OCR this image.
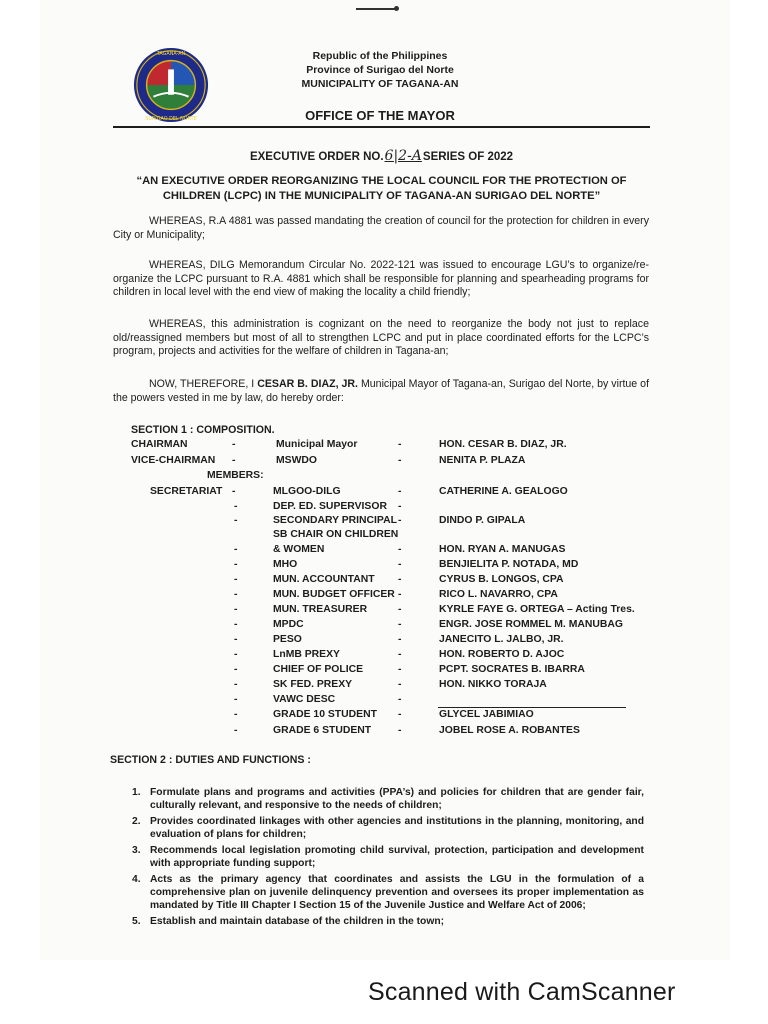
TAGANA-AN
SURIGAO DEL NORTE
Republic of the Philippines
Province of Surigao del Norte
MUNICIPALITY OF TAGANA-AN
OFFICE OF THE MAYOR
EXECUTIVE ORDER NO.6|2-ASERIES OF 2022
“AN EXECUTIVE ORDER REORGANIZING THE LOCAL COUNCIL FOR THE PROTECTION OF
CHILDREN (LCPC) IN THE MUNICIPALITY OF TAGANA-AN SURIGAO DEL NORTE”
WHEREAS, R.A 4881 was passed mandating the creation of council for the protection for children in every City or Municipality;
WHEREAS, DILG Memorandum Circular No. 2022-121 was issued to encourage LGU’s to organize/re-organize the LCPC pursuant to R.A. 4881 which shall be responsible for planning and spearheading programs for children in local level with the end view of making the locality a child friendly;
WHEREAS, this administration is cognizant on the need to reorganize the body not just to replace old/reassigned members but most of all to strengthen LCPC and put in place coordinated efforts for the LCPC’s program, projects and activities for the welfare of children in Tagana-an;
NOW, THEREFORE, I CESAR B. DIAZ, JR. Municipal Mayor of Tagana-an, Surigao del Norte, by virtue of the powers vested in me by law, do hereby order:
SECTION 1 : COMPOSITION.
CHAIRMAN	-	Municipal Mayor	-	HON. CESAR B. DIAZ, JR.
VICE-CHAIRMAN -	MSWDO	-	NENITA P. PLAZA
SECRETARIAT -	MLGOO-DILG	-	CATHERINE A. GEALOGO
-	DEP. ED. SUPERVISOR -
-	SECONDARY PRINCIPAL -	DINDO P. GIPALA
SB CHAIR ON CHILDREN
-	& WOMEN	-	HON. RYAN A. MANUGAS
-	MHO	-	BENJIELITA P. NOTADA, MD
-	MUN. ACCOUNTANT -	CYRUS B. LONGOS, CPA
-	MUN. BUDGET OFFICER -	RICO L. NAVARRO, CPA
-	MUN. TREASURER	-	KYRLE FAYE G. ORTEGA – Acting Tres.
-	MPDC	-	ENGR. JOSE ROMMEL M. MANUBAG
-	PESO	-	JANECITO L. JALBO, JR.
-	LnMB PREXY	-	HON. ROBERTO D. AJOC
-	CHIEF OF POLICE	-	PCPT. SOCRATES B. IBARRA
-	SK FED. PREXY	-	HON. NIKKO TORAJA
-	VAWC DESC	-
-	GRADE 10 STUDENT -	GLYCEL JABIMIAO
-	GRADE 6 STUDENT	-	JOBEL ROSE A. ROBANTES
MEMBERS:
SECTION 2 : DUTIES AND FUNCTIONS :
1. Formulate plans and programs and activities (PPA’s) and policies for children that are gender fair, culturally relevant, and responsive to the needs of children;
2. Provides coordinated linkages with other agencies and institutions in the planning, monitoring, and evaluation of plans for children;
3. Recommends local legislation promoting child survival, protection, participation and development with appropriate funding support;
4. Acts as the primary agency that coordinates and assists the LGU in the formulation of a comprehensive plan on juvenile delinquency prevention and oversees its proper implementation as mandated by Title III Chapter I Section 15 of the Juvenile Justice and Welfare Act of 2006;
5. Establish and maintain database of the children in the town;
Scanned with CamScanner
